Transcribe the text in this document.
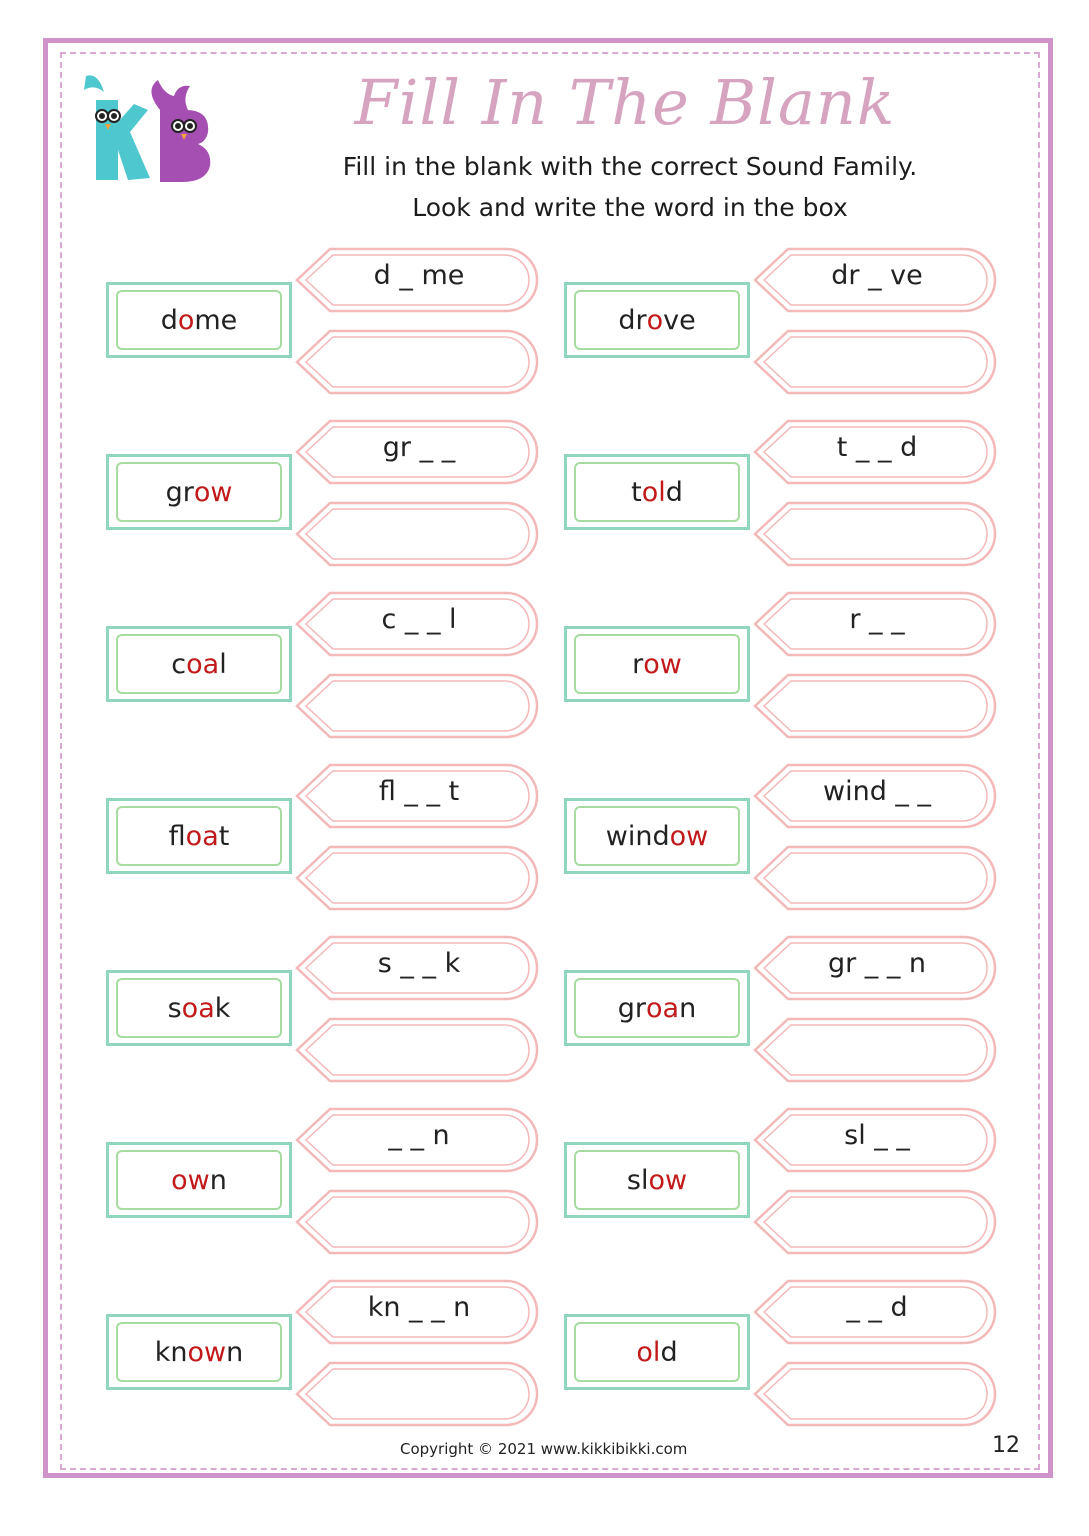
Fill In The Blank
Fill in the blank with the correct Sound Family.
Look and write the word in the box
d o me
d _ me
dr o ve
dr _ ve
gr ow
gr _ _
t ol d
t _ _ d
c oa l
c _ _ l
r ow
r _ _
fl oa t
fl _ _ t
wind ow
wind _ _
s oa k
s _ _ k
gr oa n
gr _ _ n
ow n
_ _ n
sl ow
sl _ _
kn ow n
kn _ _ n
ol d
_ _ d
Copyright © 2021 www.kikkibikki.com	12
